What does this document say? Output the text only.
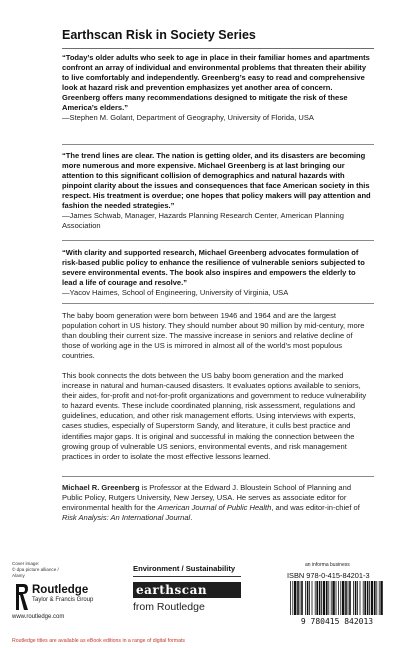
Earthscan Risk in Society Series
“Today’s older adults who seek to age in place in their familiar homes and apartments confront an array of individual and environmental problems that threaten their ability to live comfortably and independently. Greenberg’s easy to read and comprehensive look at hazard risk and prevention emphasizes yet another area of concern. Greenberg offers many recommendations designed to mitigate the risk of these America’s elders.”
—Stephen M. Golant, Department of Geography, University of Florida, USA
“The trend lines are clear. The nation is getting older, and its disasters are becoming more numerous and more expensive. Michael Greenberg is at last bringing our attention to this significant collision of demographics and natural hazards with pinpoint clarity about the issues and consequences that face American society in this respect. His treatment is overdue; one hopes that policy makers will pay attention and fashion the needed strategies.”
—James Schwab, Manager, Hazards Planning Research Center, American Planning Association
“With clarity and supported research, Michael Greenberg advocates formulation of risk-based public policy to enhance the resilience of vulnerable seniors subjected to severe environmental events. The book also inspires and empowers the elderly to lead a life of courage and resolve.”
—Yacov Haimes, School of Engineering, University of Virginia, USA

The baby boom generation were born between 1946 and 1964 and are the largest population cohort in US history. They should number about 90 million by mid-century, more than doubling their current size. The massive increase in seniors and relative decline of those of working age in the US is mirrored in almost all of the world’s most populous countries.

This book connects the dots between the US baby boom generation and the marked increase in natural and human-caused disasters. It evaluates options available to seniors, their aides, for-profit and not-for-profit organizations and government to reduce vulnerability to hazard events. These include coordinated planning, risk assessment, regulations and guidelines, education, and other risk management efforts. Using interviews with experts, cases studies, especially of Superstorm Sandy, and literature, it culls best practice and identifies major gaps. It is original and successful in making the connection between the growing group of vulnerable US seniors, environmental events, and risk management practices in order to isolate the most effective lessons learned.

Michael R. Greenberg is Professor at the Edward J. Bloustein School of Planning and Public Policy, Rutgers University, New Jersey, USA. He serves as associate editor for environmental health for the American Journal of Public Health, and was editor-in-chief of Risk Analysis: An International Journal.
Cover image:
© dpa picture alliance / Alamy
Routledge
Taylor & Francis Group
www.routledge.com
Environment / Sustainability
earthscan
from Routledge
an informa business
ISBN 978-0-415-84201-3
9 780415 842013
Routledge titles are available as eBook editions in a range of digital formats
